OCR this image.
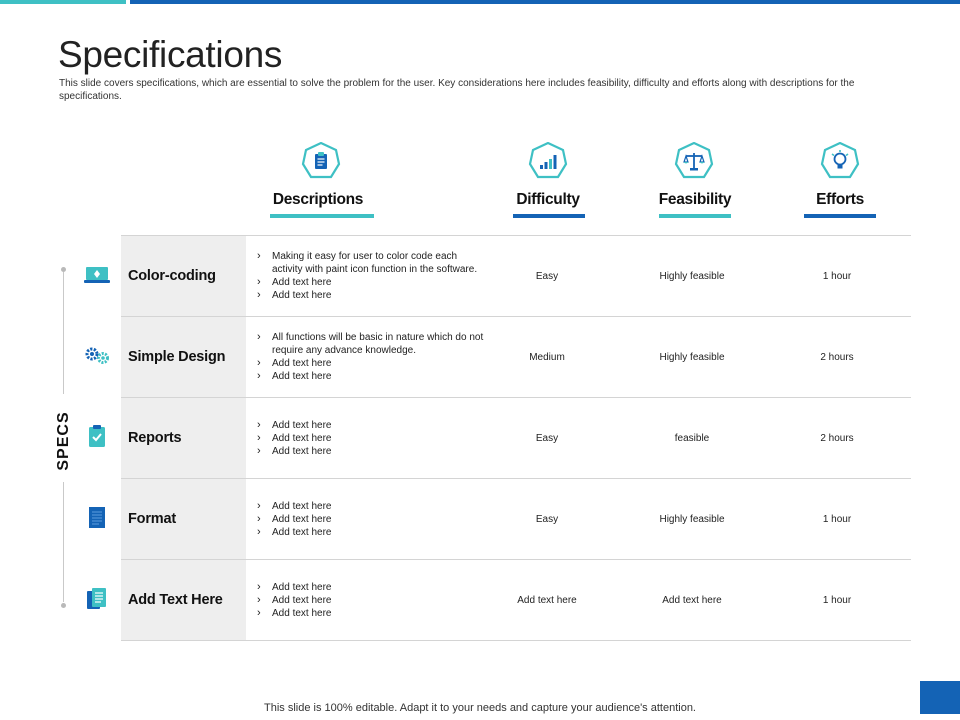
Specifications

This slide covers specifications, which are essential to solve the problem for the user. Key considerations here includes feasibility, difficulty and efforts along with descriptions for the specifications.

Descriptions	Difficulty	Feasibility	Efforts
SPECS
Color-coding
› Making it easy for user to color code each activity with paint icon function in the software.
› Add text here
› Add text here
Easy	Highly feasible	1 hour
Simple Design
› All functions will be basic in nature which do not require any advance knowledge.
› Add text here
› Add text here
Medium	Highly feasible	2 hours
Reports
› Add text here
› Add text here
› Add text here
Easy	feasible	2 hours
Format
› Add text here
› Add text here
› Add text here
Easy	Highly feasible	1 hour
Add Text Here
› Add text here
› Add text here
› Add text here
Add text here	Add text here	1 hour
This slide is 100% editable. Adapt it to your needs and capture your audience's attention.
